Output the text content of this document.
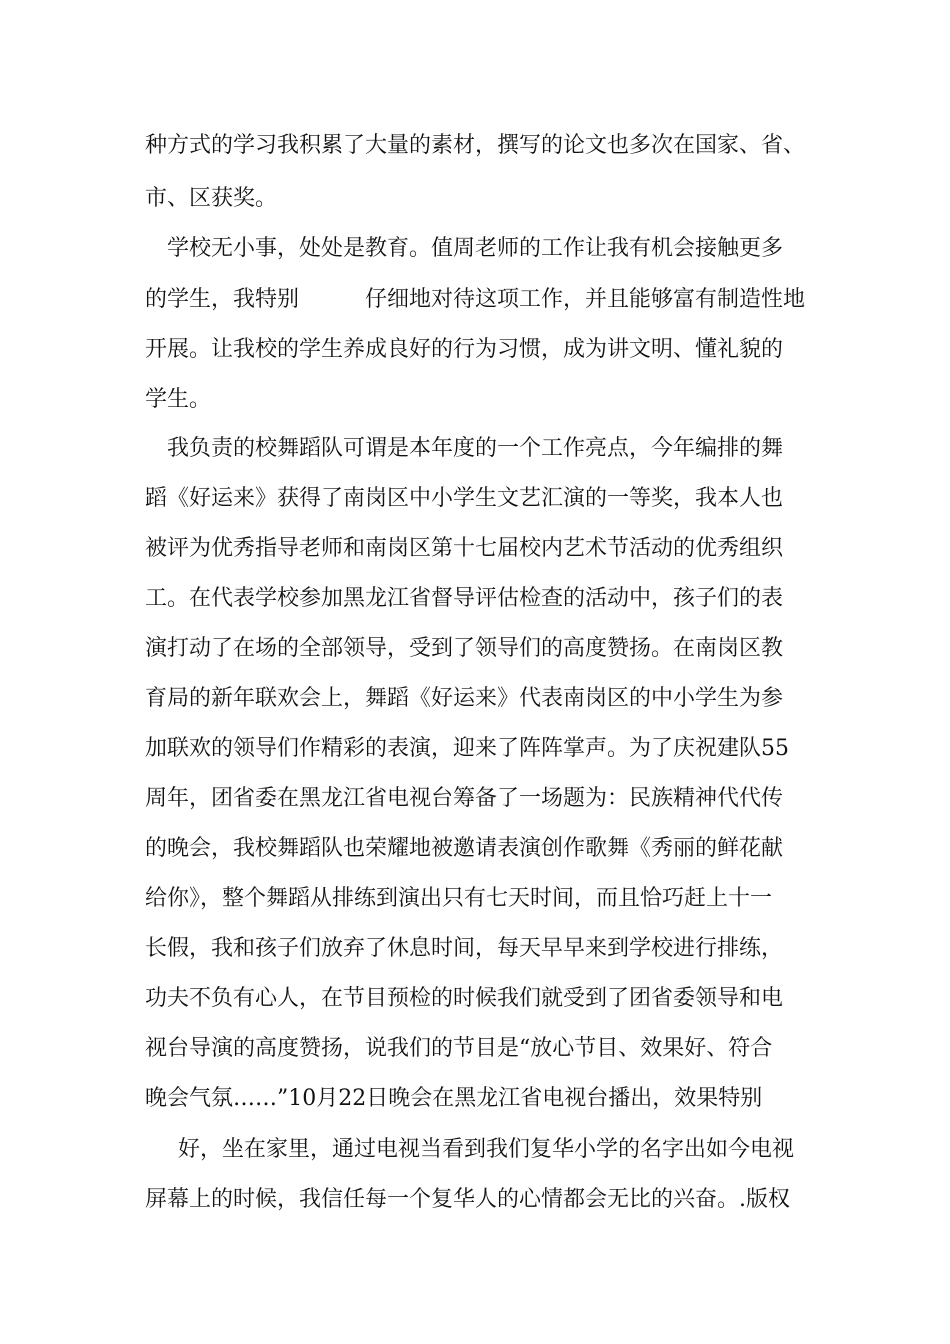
种方式的学习我积累了大量的素材，撰写的论文也多次在国家、省、
市、区获奖。
学校无小事，处处是教育。值周老师的工作让我有机会接触更多
的学生，我特别　　　仔细地对待这项工作，并且能够富有制造性地
开展。让我校的学生养成良好的行为习惯，成为讲文明、懂礼貌的
学生。
我负责的校舞蹈队可谓是本年度的一个工作亮点，今年编排的舞
蹈《好运来》获得了南岗区中小学生文艺汇演的一等奖，我本人也
被评为优秀指导老师和南岗区第十七届校内艺术节活动的优秀组织
工。在代表学校参加黑龙江省督导评估检查的活动中，孩子们的表
演打动了在场的全部领导，受到了领导们的高度赞扬。在南岗区教
育局的新年联欢会上，舞蹈《好运来》代表南岗区的中小学生为参
加联欢的领导们作精彩的表演，迎来了阵阵掌声。为了庆祝建队55
周年，团省委在黑龙江省电视台筹备了一场题为：民族精神代代传
的晚会，我校舞蹈队也荣耀地被邀请表演创作歌舞《秀丽的鲜花献
给你》，整个舞蹈从排练到演出只有七天时间，而且恰巧赶上十一
长假，我和孩子们放弃了休息时间，每天早早来到学校进行排练，
功夫不负有心人，在节目预检的时候我们就受到了团省委领导和电
视台导演的高度赞扬，说我们的节目是“放心节目、效果好、符合
晚会气氛……”10月22日晚会在黑龙江省电视台播出，效果特别
好，坐在家里，通过电视当看到我们复华小学的名字出如今电视
屏幕上的时候，我信任每一个复华人的心情都会无比的兴奋。.版权
